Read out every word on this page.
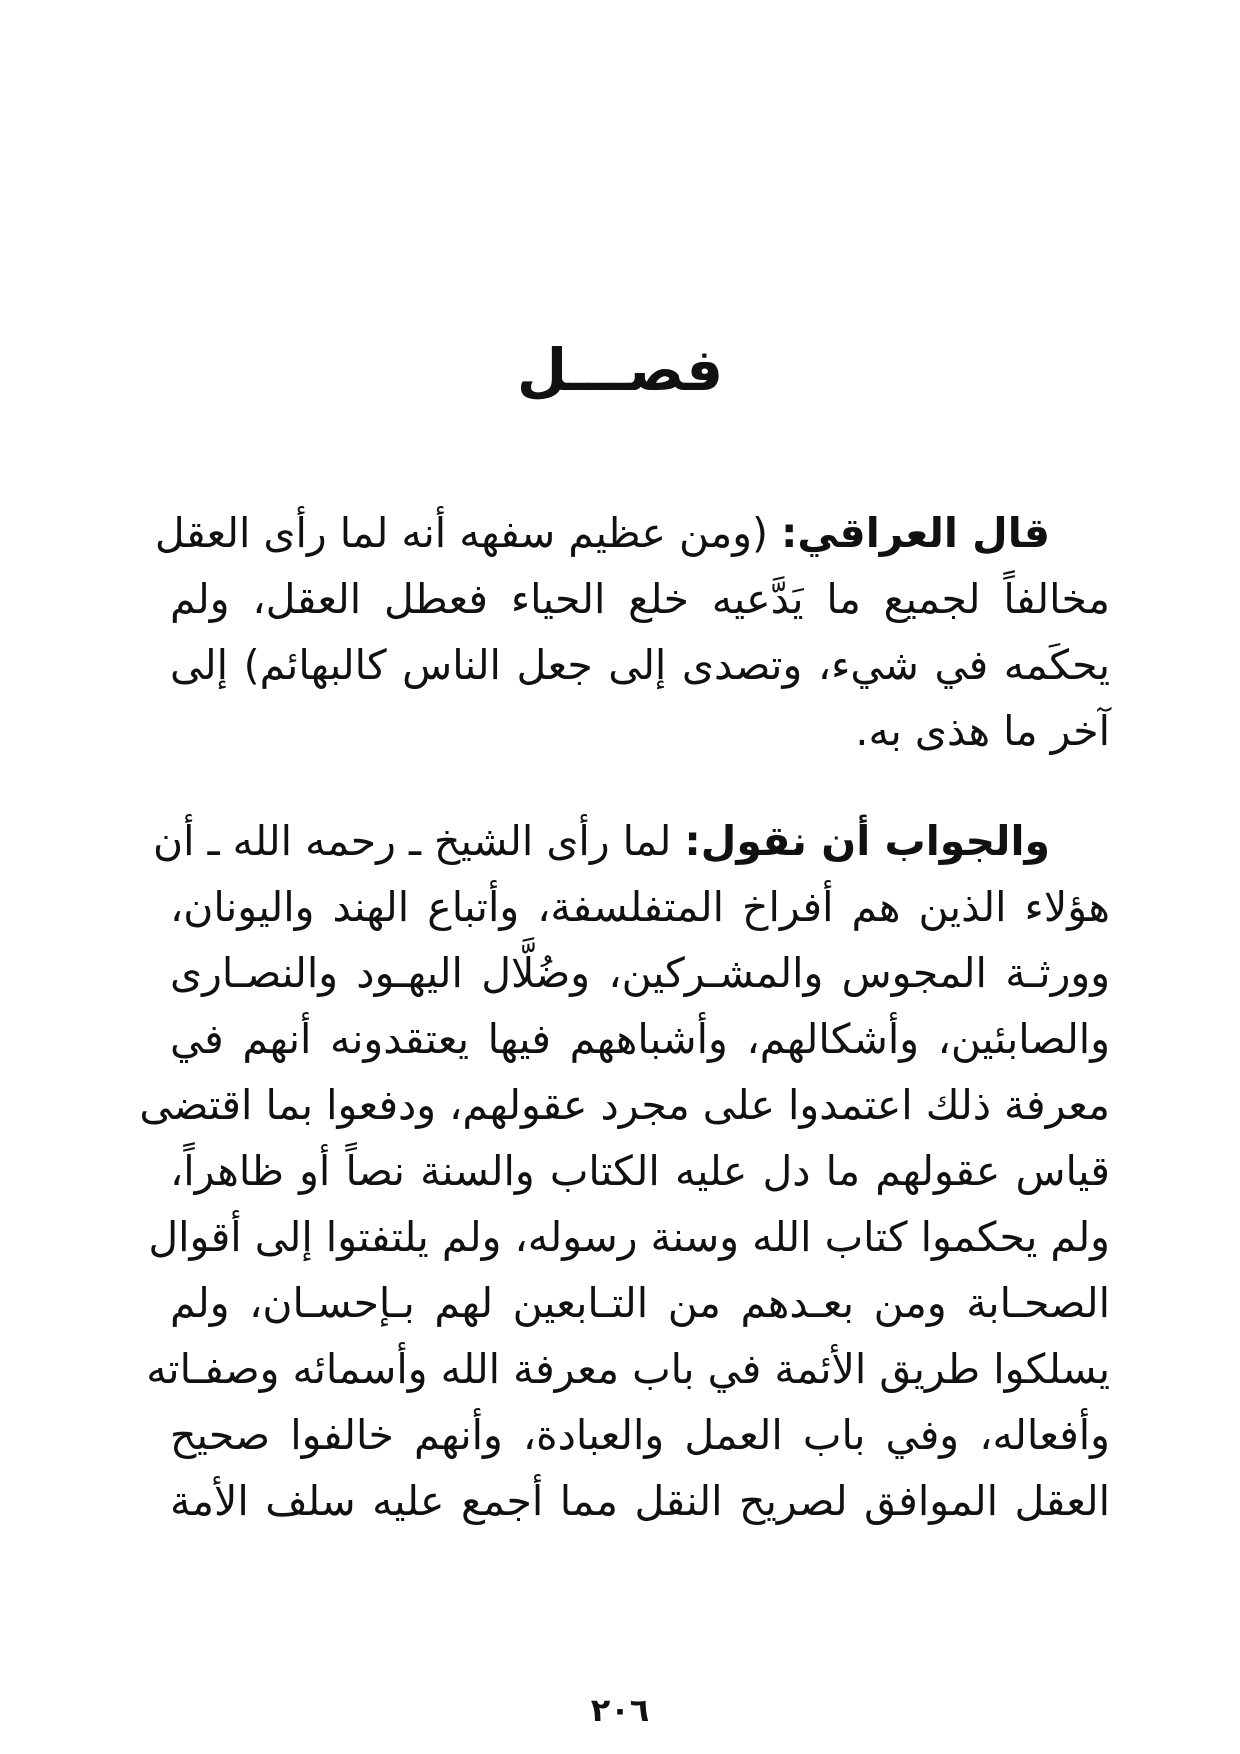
فصـــل
قال العراقي: (ومن عظيم سفهه أنه لما رأى العقل
مخالفاً لجميع ما يَدَّعيه خلع الحياء فعطل العقل، ولم
يحكَمه في شيء، وتصدى إلى جعل الناس كالبهائم) إلى
آخر ما هذى به.
والجواب أن نقول: لما رأى الشيخ ـ رحمه الله ـ أن
هؤلاء الذين هم أفراخ المتفلسفة، وأتباع الهند واليونان،
وورثـة المجوس والمشـركين، وضُلَّال اليهـود والنصـارى
والصابئين، وأشكالهم، وأشباههم فيها يعتقدونه أنهم في
معرفة ذلك اعتمدوا على مجرد عقولهم، ودفعوا بما اقتضى
قياس عقولهم ما دل عليه الكتاب والسنة نصاً أو ظاهراً،
ولم يحكموا كتاب الله وسنة رسوله، ولم يلتفتوا إلى أقوال
الصحـابة ومن بعـدهم من التـابعين لهم بـإحسـان، ولم
يسلكوا طريق الأئمة في باب معرفة الله وأسمائه وصفـاته
وأفعاله، وفي باب العمل والعبادة، وأنهم خالفوا صحيح
العقل الموافق لصريح النقل مما أجمع عليه سلف الأمة
٢٠٦
